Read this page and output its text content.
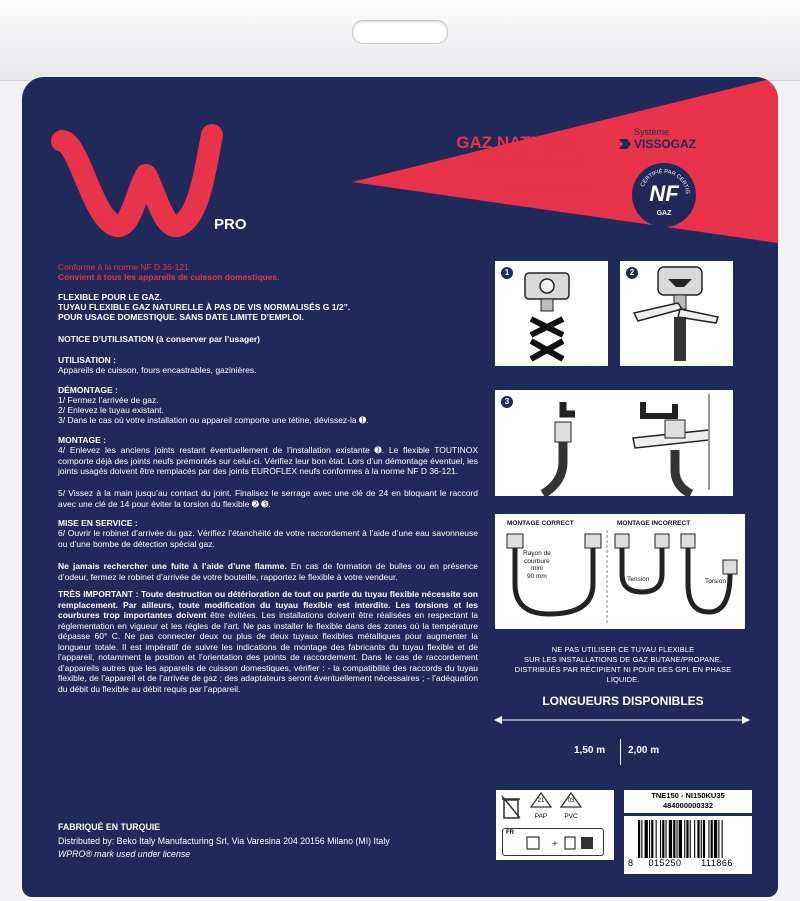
PRO
GAZ NATUREL /
GAZ DE VILLE
Long 1,50 m
Système
VISSOGAZ
CERTIFIÉ PAR CERTIG
NF
GAZ

Conforme à la norme NF D 36-121

Convient à tous les appareils de cuisson domestiques.

FLEXIBLE POUR LE GAZ.

TUYAU FLEXIBLE GAZ NATURELLE À PAS DE VIS NORMALISÉS G 1/2”.

POUR USAGE DOMESTIQUE. SANS DATE LIMITE D’EMPLOI.

NOTICE D’UTILISATION (à conserver par l’usager)

UTILISATION :

Appareils de cuisson, fours encastrables, gazinières.

DÉMONTAGE :

1/ Fermez l’arrivée de gaz.

2/ Enlevez le tuyau existant.

3/ Dans le cas où votre installation ou appareil comporte une tétine, dévissez-la ➊.

MONTAGE :

4/ Enlevez les anciens joints restant éventuellement de l’installation existante ➊. Le flexible TOUTINOX comporte déjà des joints neufs prémontés sur celui-ci. Vérifiez leur bon état. Lors d’un démontage éventuel, les joints usagés doivent être remplacés par des joints EUROFLEX neufs conformes à la norme NF D 36-121.

5/ Vissez à la main jusqu’au contact du joint. Finalisez le serrage avec une clé de 24 en bloquant le raccord avec une clé de 14 pour éviter la torsion du flexible ➋ ➌.

MISE EN SERVICE :

6/ Ouvrir le robinet d’arrivée du gaz. Vérifiez l’étanchéité de votre raccordement à l’aide d’une eau savonneuse ou d’une bombe de détection spécial gaz.

Ne jamais rechercher une fuite à l’aide d’une flamme. En cas de formation de bulles ou en présence d’odeur, fermez le robinet d’arrivée de votre bouteille, rapportez le flexible à votre vendeur.

TRÈS IMPORTANT : Toute destruction ou détérioration de tout ou partie du tuyau flexible nécessite son remplacement. Par ailleurs, toute modification du tuyau flexible est interdite. Les torsions et les courbures trop importantes doivent être évitées. Les installations doivent être réalisées en respectant la réglementation en vigueur et les règles de l’art. Ne pas installer le flexible dans des zones où la température dépasse 60° C. Ne pas connecter deux ou plus de deux tuyaux flexibles métalliques pour augmenter la longueur totale. Il est impératif de suivre les indications de montage des fabricants du tuyau flexible et de l’appareil, notamment la position et l’orientation des points de raccordement. Dans le cas de raccordement d’appareils autres que les appareils de cuisson domestiques, vérifier : - la compatibilité des raccords du tuyau flexible, de l’appareil et de l’arrivée de gaz ; des adaptateurs seront éventuellement nécessaires ; - l’adéquation du débit du flexible au débit requis par l’appareil.

1	2
3
MONTAGE CORRECT	MONTAGE INCORRECT
Rayon de
courbure
mini
90 mm	Tension	Torsion
NE PAS UTILISER CE TUYAU FLEXIBLE
SUR LES INSTALLATIONS DE GAZ BUTANE/PROPANE.
DISTRIBUÉS PAR RÉCIPIENT NI POUR DES GPL EN PHASE LIQUIDE.
LONGUEURS DISPONIBLES
1,50 m 2,00 m
21
PAP
03
PVC
FR
+
TNE150 - NI150KU35
484000000332
8	015250	111866
FABRIQUÉ EN TURQUIE
Distributed by: Beko Italy Manufacturing Srl, Via Varesina 204 20156 Milano (MI) Italy
WPRO® mark used under license
